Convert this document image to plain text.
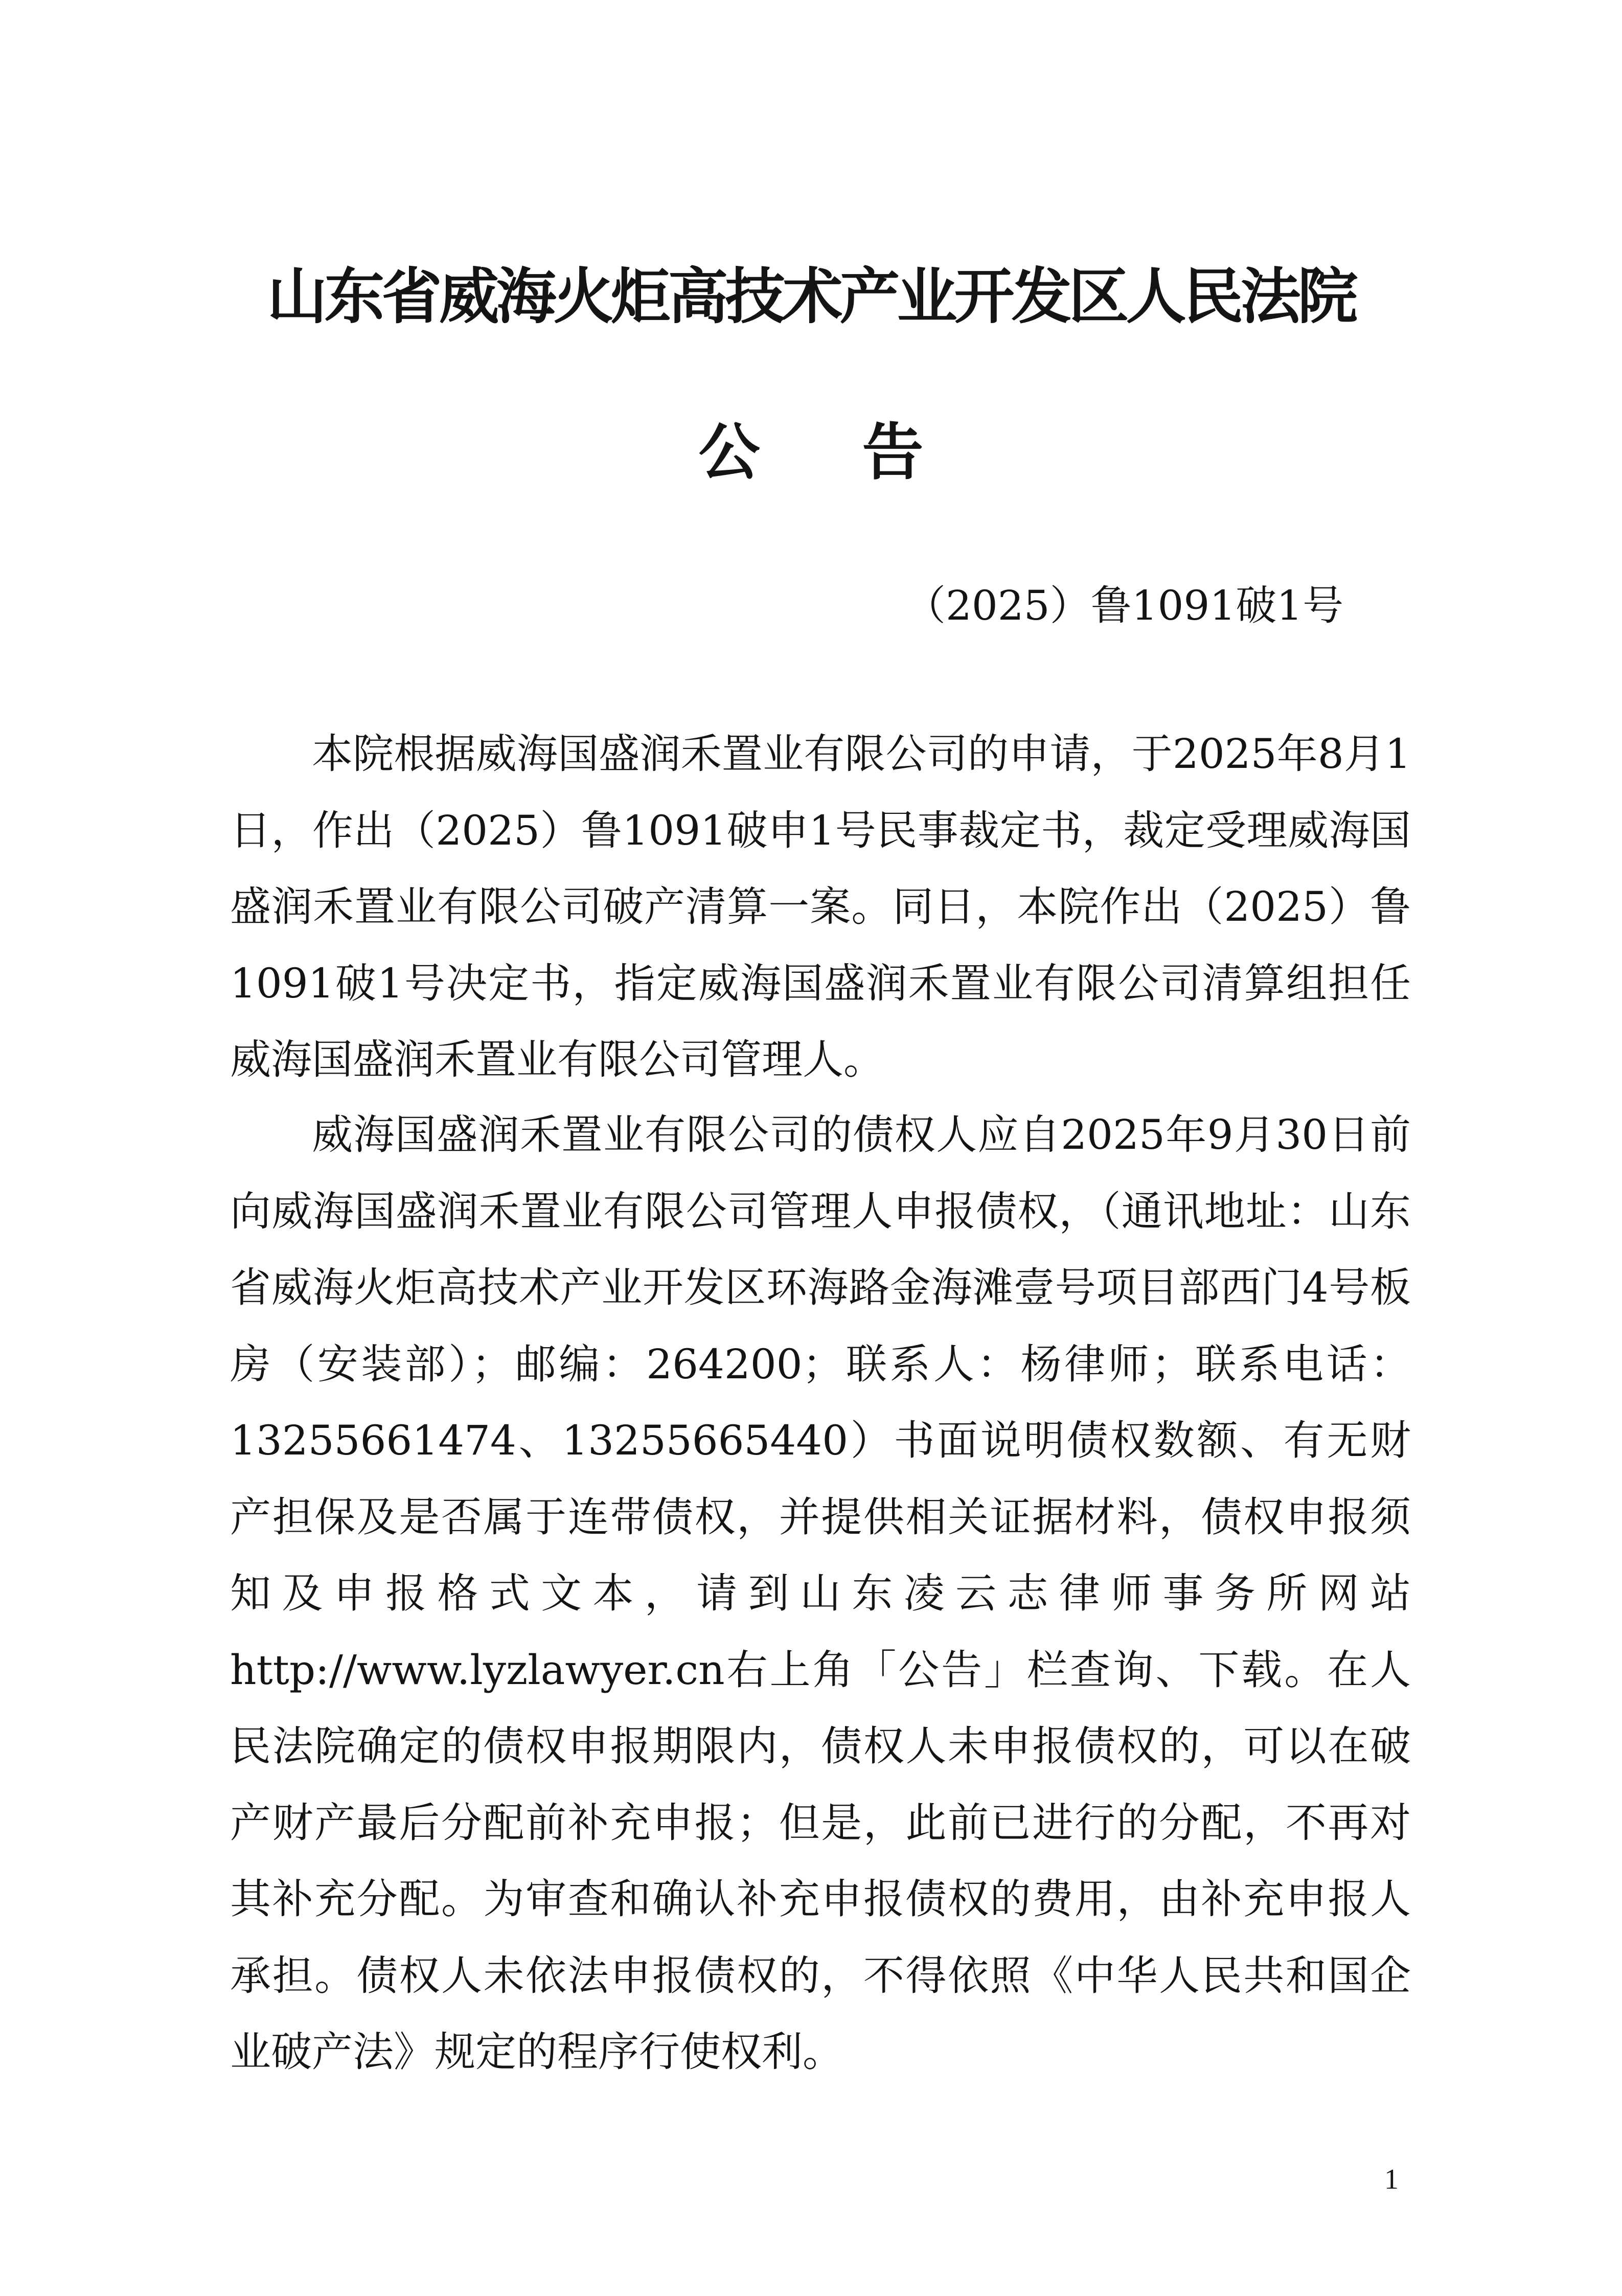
山东省威海火炬高技术产业开发区人民法院
公 告
（2025）鲁1091破1号

本院根据威海国盛润禾置业有限公司的申请，于2025年8月1日，作出（2025）鲁1091破申1号民事裁定书，裁定受理威海国盛润禾置业有限公司破产清算一案。同日，本院作出（2025）鲁1091破1号决定书，指定威海国盛润禾置业有限公司清算组担任威海国盛润禾置业有限公司管理人。

威海国盛润禾置业有限公司的债权人应自2025年9月30日前向威海国盛润禾置业有限公司管理人申报债权，（通讯地址：山东省威海火炬高技术产业开发区环海路金海滩壹号项目部西门4号板房（安装部）；邮编：264200；联系人：杨律师；联系电话：13255661474、13255665440）书面说明债权数额、有无财产担保及是否属于连带债权，并提供相关证据材料，债权申报须知及申报格式文本，请到山东凌云志律师事务所网站http://www.lyzlawyer.cn右上角「公告」栏查询、下载。在人民法院确定的债权申报期限内，债权人未申报债权的，可以在破产财产最后分配前补充申报；但是，此前已进行的分配，不再对其补充分配。为审查和确认补充申报债权的费用，由补充申报人承担。债权人未依法申报债权的，不得依照《中华人民共和国企业破产法》规定的程序行使权利。

1
